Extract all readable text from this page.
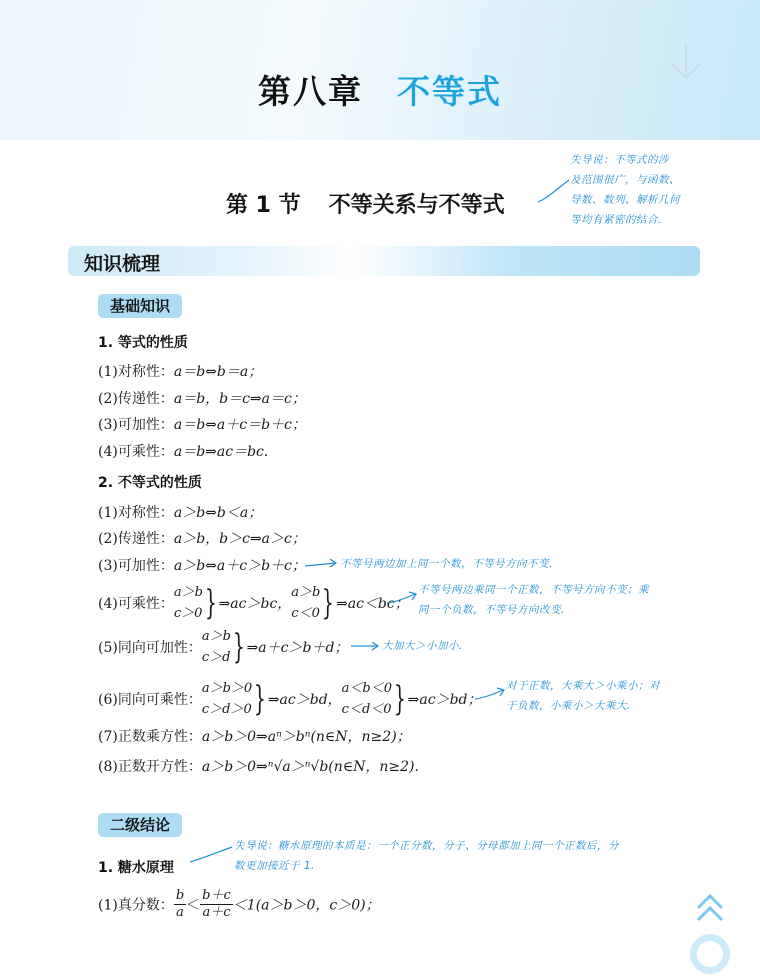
第八章 不等式
第 1 节 不等关系与不等式
失导说：不等式的涉
及范围很广，与函数、
导数、数列、解析几何
等均有紧密的结合.
知识梳理
基础知识
1. 等式的性质
(1)对称性：a＝b⇔b＝a；
(2)传递性：a＝b，b＝c⇒a＝c；
(3)可加性：a＝b⇔a＋c＝b＋c；
(4)可乘性：a＝b⇒ac＝bc.
2. 不等式的性质
(1)对称性：a＞b⇔b＜a；
(2)传递性：a＞b，b＞c⇒a＞c；
(3)可加性：a＞b⇔a＋c＞b＋c；	不等号两边加上同一个数，不等号方向不变.
(4)可乘性：
a＞b
c＞0 } ⇒ac＞bc，
a＞b
c＜0 } ⇒ac＜bc；
不等号两边乘同一个正数，不等号方向不变；乘
同一个负数，不等号方向改变.
(5)同向可加性：
a＞b
c＞d } ⇒a＋c＞b＋d；	大加大＞小加小.
(6)同向可乘性：
a＞b＞0
c＞d＞0 } ⇒ac＞bd，
a＜b＜0
c＜d＜0 } ⇒ac＞bd；
对于正数，大乘大＞小乘小；对
于负数，小乘小＞大乘大.
(7)正数乘方性：a＞b＞0⇒aⁿ＞bⁿ(n∈N，n≥2)；
(8)正数开方性：a＞b＞0⇒ⁿ√a＞ⁿ√b(n∈N，n≥2).
二级结论
1. 糖水原理
失导说：糖水原理的本质是：一个正分数，分子、分母都加上同一个正数后，分
数更加接近于 1.
(1)真分数： $\frac{b}{a} < \frac{b+c}{a+c} <1(a>b>0$，c＞0)；
